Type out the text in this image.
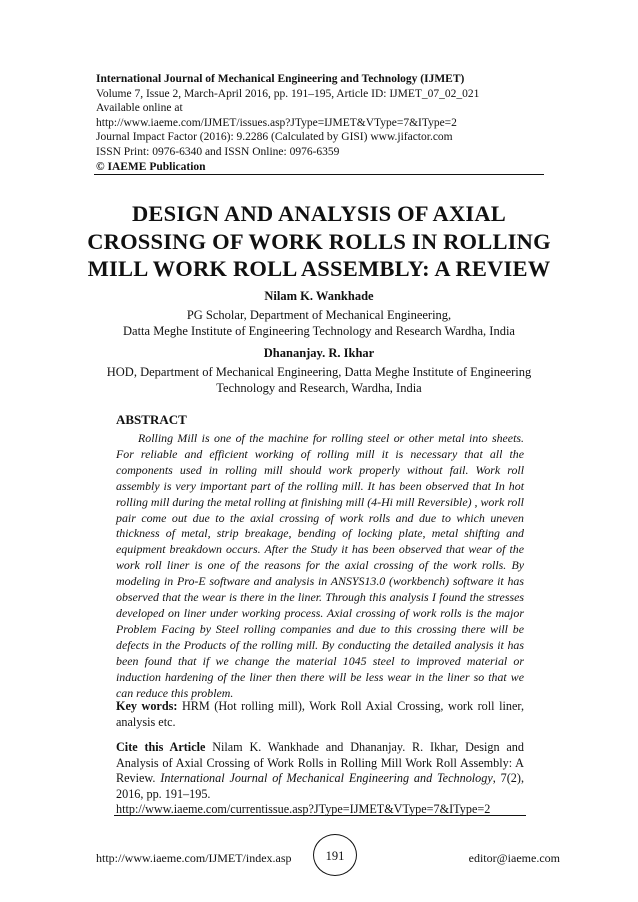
International Journal of Mechanical Engineering and Technology (IJMET)
Volume 7, Issue 2, March-April 2016, pp. 191–195, Article ID: IJMET_07_02_021
Available online at
http://www.iaeme.com/IJMET/issues.asp?JType=IJMET&VType=7&IType=2
Journal Impact Factor (2016): 9.2286 (Calculated by GISI) www.jifactor.com
ISSN Print: 0976-6340 and ISSN Online: 0976-6359
© IAEME Publication
DESIGN AND ANALYSIS OF AXIAL
CROSSING OF WORK ROLLS IN ROLLING
MILL WORK ROLL ASSEMBLY: A REVIEW
Nilam K. Wankhade
PG Scholar, Department of Mechanical Engineering,
Datta Meghe Institute of Engineering Technology and Research Wardha, India
Dhananjay. R. Ikhar
HOD, Department of Mechanical Engineering, Datta Meghe Institute of Engineering
Technology and Research, Wardha, India
ABSTRACT
Rolling Mill is one of the machine for rolling steel or other metal into sheets. For reliable and efficient working of rolling mill it is necessary that all the components used in rolling mill should work properly without fail. Work roll assembly is very important part of the rolling mill. It has been observed that In hot rolling mill during the metal rolling at finishing mill (4-Hi mill Reversible) , work roll pair come out due to the axial crossing of work rolls and due to which uneven thickness of metal, strip breakage, bending of locking plate, metal shifting and equipment breakdown occurs. After the Study it has been observed that wear of the work roll liner is one of the reasons for the axial crossing of the work rolls. By modeling in Pro-E software and analysis in ANSYS13.0 (workbench) software it has observed that the wear is there in the liner. Through this analysis I found the stresses developed on liner under working process. Axial crossing of work rolls is the major Problem Facing by Steel rolling companies and due to this crossing there will be defects in the Products of the rolling mill. By conducting the detailed analysis it has been found that if we change the material 1045 steel to improved material or induction hardening of the liner then there will be less wear in the liner so that we can reduce this problem.
Key words: HRM (Hot rolling mill), Work Roll Axial Crossing, work roll liner, analysis etc.
Cite this Article Nilam K. Wankhade and Dhananjay. R. Ikhar, Design and Analysis of Axial Crossing of Work Rolls in Rolling Mill Work Roll Assembly: A Review. International Journal of Mechanical Engineering and Technology, 7(2), 2016, pp. 191–195.
http://www.iaeme.com/currentissue.asp?JType=IJMET&VType=7&IType=2
http://www.iaeme.com/IJMET/index.asp	191	editor@iaeme.com
